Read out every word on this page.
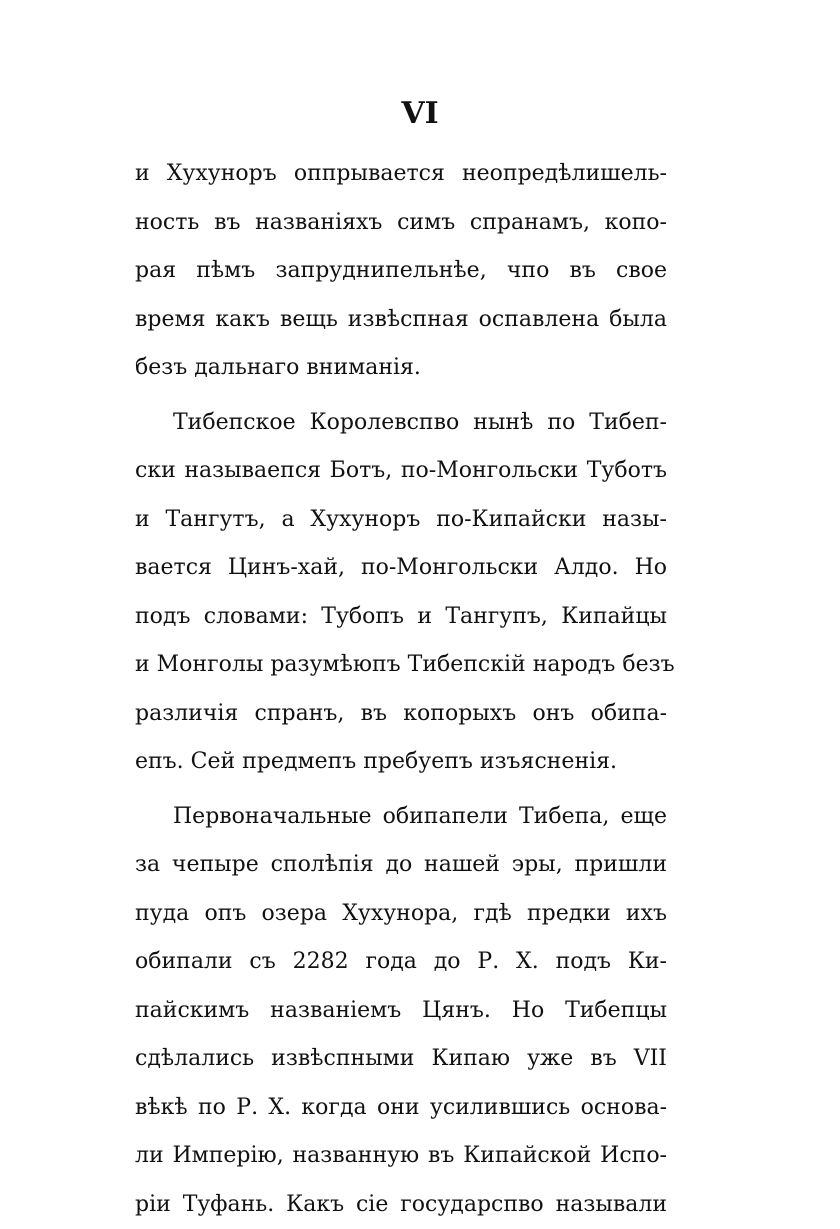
VI
и Хухуноръ оппрывается неопредѣлишель-
ность въ названіяхъ симъ спранамъ, копо-
рая пѣмъ запруднипельнѣе, чпо въ свое
время какъ вещь извѣспная оспавлена была
безъ дальнаго вниманія.
Тибепское Королевспво нынѣ по Тибеп-
ски называепся Ботъ, по-Монгольски Туботъ
и Тангутъ, а Хухуноръ по-Кипайски назы-
вается Цинъ-хай, по-Монгольски Алдо. Но
подъ словами: Тубопъ и Тангупъ, Кипайцы
и Монголы разумѣюпъ Тибепскій народъ безъ
различія спранъ, въ копорыхъ онъ обипа-
епъ. Сей предмепъ пребуепъ изъясненія.
Первоначальные обипапели Тибепа, еще
за чепыре сполѣпія до нашей эры, пришли
пуда опъ озера Хухунора, гдѣ предки ихъ
обипали съ 2282 года до Р. Х. подъ Ки-
пайскимъ названіемъ Цянъ. Но Тибепцы
сдѣлались извѣспными Кипаю уже въ VII
вѣкѣ по Р. Х. когда они усилившись основа-
ли Имперію, названную въ Кипайской Испо-
ріи Туфань. Какъ сіе государспво называли
